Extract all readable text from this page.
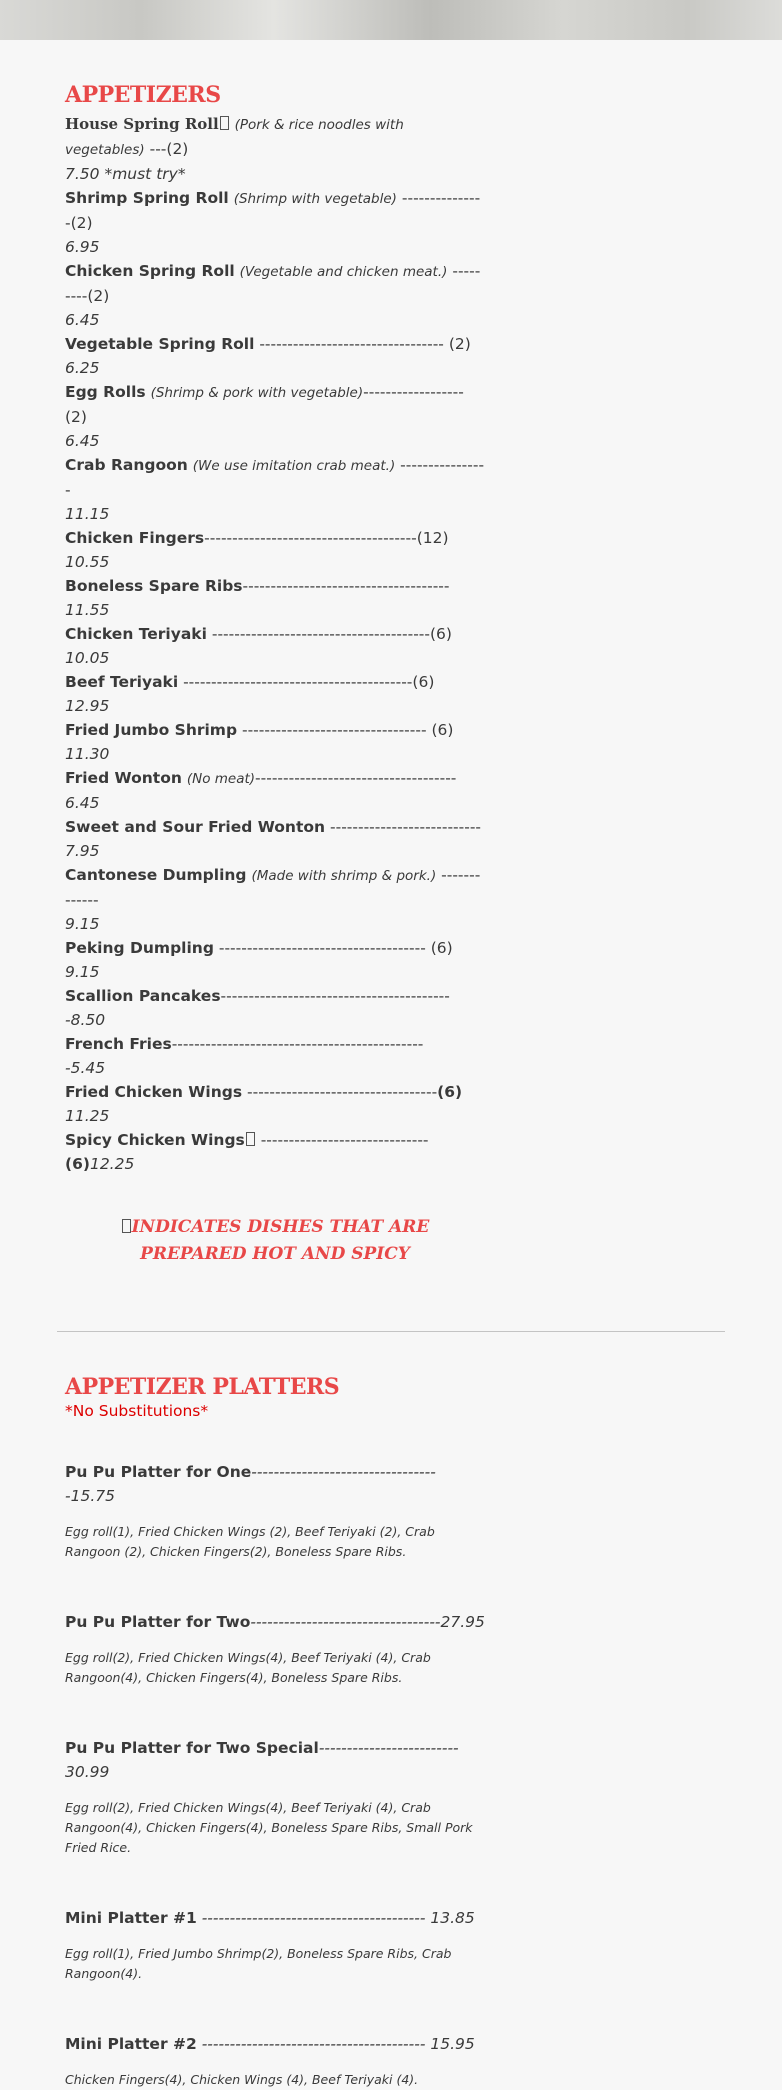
APPETIZERS
House Spring Roll (Pork & rice noodles with vegetables) ---(2)
7.50 *must try*
Shrimp Spring Roll (Shrimp with vegetable) ---------------(2)
6.95
Chicken Spring Roll (Vegetable and chicken meat.) ---------(2)
6.45
Vegetable Spring Roll --------------------------------- (2)
6.25
Egg Rolls (Shrimp & pork with vegetable)------------------ (2)
6.45
Crab Rangoon (We use imitation crab meat.) ----------------
11.15
Chicken Fingers--------------------------------------(12)
10.55
Boneless Spare Ribs-------------------------------------
11.55
Chicken Teriyaki ---------------------------------------(6)
10.05
Beef Teriyaki -----------------------------------------(6)
12.95
Fried Jumbo Shrimp --------------------------------- (6)
11.30
Fried Wonton (No meat)------------------------------------
6.45
Sweet and Sour Fried Wonton ---------------------------
7.95
Cantonese Dumpling (Made with shrimp & pork.) -------------
9.15
Peking Dumpling ------------------------------------- (6)
9.15
Scallion Pancakes-----------------------------------------
-8.50
French Fries---------------------------------------------
-5.45
Fried Chicken Wings ----------------------------------(6)
11.25
Spicy Chicken Wings ------------------------------(6)12.25
INDICATES DISHES THAT ARE PREPARED HOT AND SPICY
APPETIZER PLATTERS
*No Substitutions*
Pu Pu Platter for One----------------------------------15.75
Egg roll(1), Fried Chicken Wings (2), Beef Teriyaki (2), Crab Rangoon (2), Chicken Fingers(2), Boneless Spare Ribs.
Pu Pu Platter for Two----------------------------------27.95
Egg roll(2), Fried Chicken Wings(4), Beef Teriyaki (4), Crab Rangoon(4), Chicken Fingers(4), Boneless Spare Ribs.
Pu Pu Platter for Two Special------------------------- 30.99
Egg roll(2), Fried Chicken Wings(4), Beef Teriyaki (4), Crab Rangoon(4), Chicken Fingers(4), Boneless Spare Ribs, Small Pork Fried Rice.
Mini Platter #1 ---------------------------------------- 13.85
Egg roll(1), Fried Jumbo Shrimp(2), Boneless Spare Ribs, Crab Rangoon(4).
Mini Platter #2 ---------------------------------------- 15.95
Chicken Fingers(4), Chicken Wings (4), Beef Teriyaki (4).
